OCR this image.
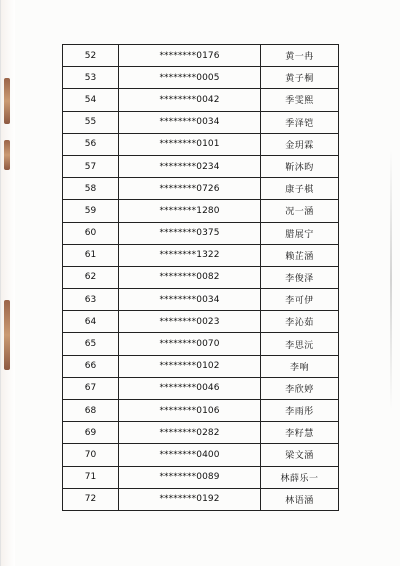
52	********0176	黄一冉
53	********0005	黄子桐
54	********0042	季雯熙
55	********0034	季泽铠
56	********0101	金玥霖
57	********0234	靳沐昀
58	********0726	康子棋
59	********1280	况一涵
60	********0375	腊展宁
61	********1322	赖芷涵
62	********0082	李俊泽
63	********0034	李可伊
64	********0023	李沁茹
65	********0070	李思沅
66	********0102	李响
67	********0046	李欣婷
68	********0106	李雨彤
69	********0282	李籽慧
70	********0400	梁文涵
71	********0089	林薛乐一
72	********0192	林语涵
